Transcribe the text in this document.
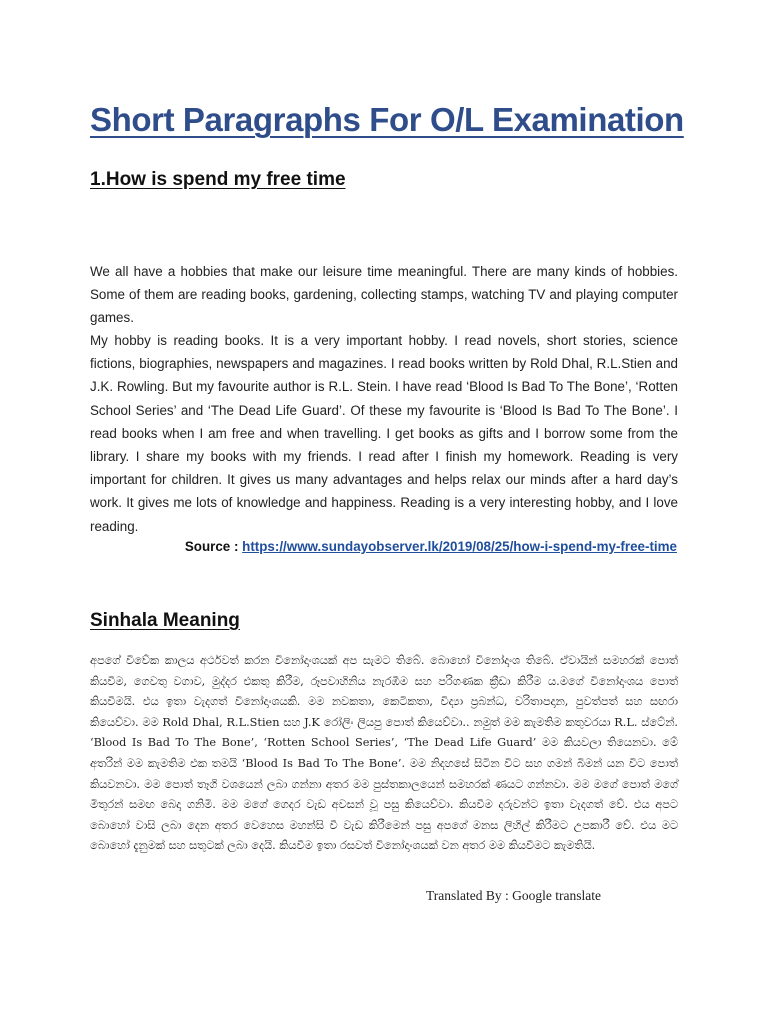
Short Paragraphs For O/L Examination
1.How is spend my free time

We all have a hobbies that make our leisure time meaningful. There are many kinds of hobbies. Some of them are reading books, gardening, collecting stamps, watching TV and playing computer games.

My hobby is reading books. It is a very important hobby. I read novels, short stories, science fictions, biographies, newspapers and magazines. I read books written by Rold Dhal, R.L.Stien and J.K. Rowling. But my favourite author is R.L. Stein. I have read ‘Blood Is Bad To The Bone’, ‘Rotten School Series’ and ‘The Dead Life Guard’. Of these my favourite is ‘Blood Is Bad To The Bone’. I read books when I am free and when travelling. I get books as gifts and I borrow some from the library. I share my books with my friends. I read after I finish my homework. Reading is very important for children. It gives us many advantages and helps relax our minds after a hard day’s work. It gives me lots of knowledge and happiness. Reading is a very interesting hobby, and I love reading.

Source : https://www.sundayobserver.lk/2019/08/25/how-i-spend-my-free-time
Sinhala Meaning

අපගේ විවේක කාලය අර්ථවත් කරන විනෝදාංශයක් අප සැමට තිබේ. බොහෝ විනෝදාංශ තිබේ. ඒවායින් සමහරක් පොත් කියවීම, ගෙවතු වගාව, මුද්දර එකතු කිරීම, රූපවාහිනිය නැරඹීම සහ පරිගණක ක්‍රීඩා කිරීම ය.මගේ විනෝදාංශය පොත් කියවීමයි. එය ඉතා වැදගත් විනෝදාංශයකි. මම නවකතා, කෙටිකතා, විද්‍යා ප්‍රබන්ධ, චරිතාපදාන, පුවත්පත් සහ සඟරා කියෙව්වා. මම Rold Dhal, R.L.Stien සහ J.K රෝලිං ලියපු පොත් කියෙව්වා.. නමුත් මම කැමතිම කතුවරයා R.L. ස්ටේන්. ‘Blood Is Bad To The Bone’, ‘Rotten School Series’, ‘The Dead Life Guard’ මම කියවලා තියෙනවා. මේ අතරින් මම කැමතිම එක තමයි ‘Blood Is Bad To The Bone’. මම නිදහසේ සිටින විට සහ ගමන් බිමන් යන විට පොත් කියවනවා. මම පොත් තෑගි වශයෙන් ලබා ගන්නා අතර මම පුස්තකාලයෙන් සමහරක් ණයට ගන්නවා. මම මගේ පොත් මගේ මිතුරන් සමඟ බෙදා ගනිමි. මම මගේ ගෙදර වැඩ අවසන් වූ පසු කියෙව්වා. කියවීම දරුවන්ට ඉතා වැදගත් වේ. එය අපට බොහෝ වාසි ලබා දෙන අතර වෙහෙස මහන්සි වී වැඩ කිරීමෙන් පසු අපගේ මනස ලිහිල් කිරීමට උපකාරී වේ. එය මට බොහෝ දැනුමක් සහ සතුටක් ලබා දෙයි. කියවීම ඉතා රසවත් විනෝදාංශයක් වන අතර මම කියවීමට කැමතියි.

Translated By : Google translate
